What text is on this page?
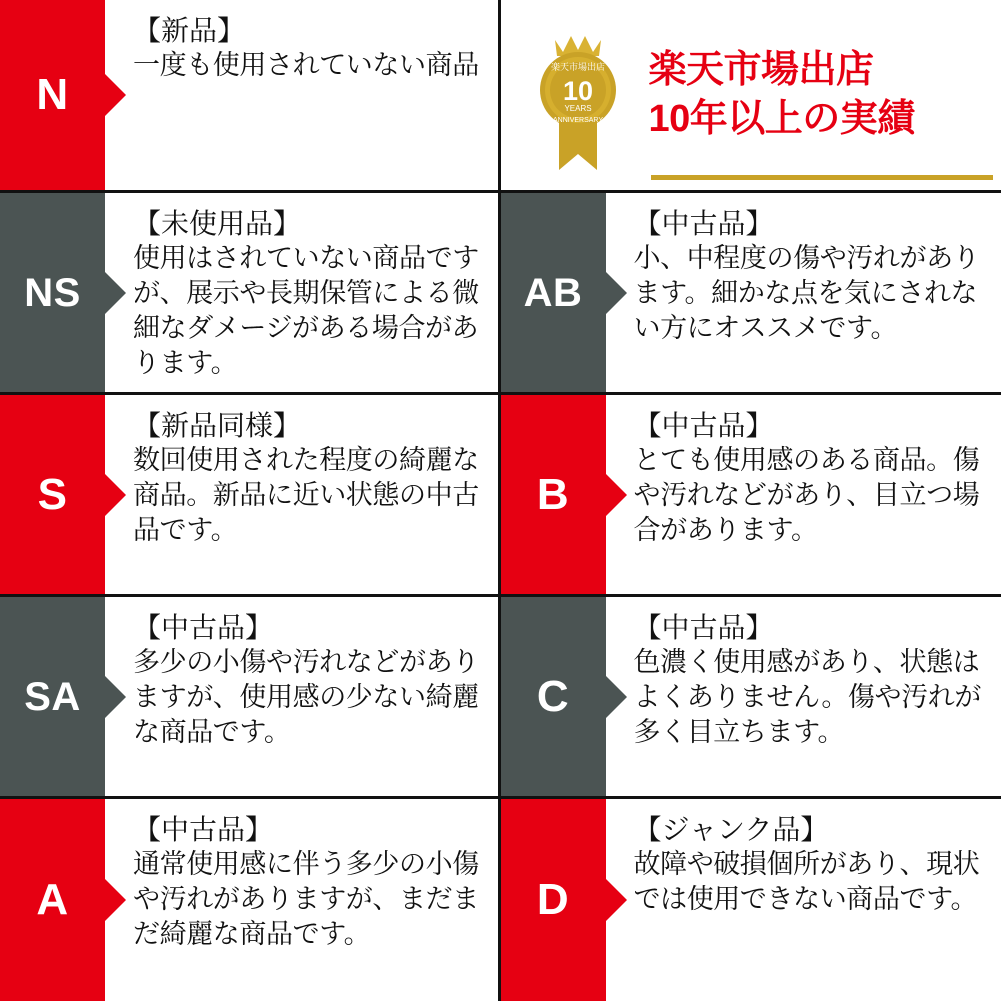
N
【新品】
一度も使用されていない商品	楽天市場出店
10
YEARS
ANNIVERSARY
楽天市場出店
10年以上の実績
NS
【未使用品】
使用はされていない商品ですが、展示や長期保管による微細なダメージがある場合があります。
AB
【中古品】
小、中程度の傷や汚れがあります。細かな点を気にされない方にオススメです。
S
【新品同様】
数回使用された程度の綺麗な商品。新品に近い状態の中古品です。
B
【中古品】
とても使用感のある商品。傷や汚れなどがあり、目立つ場合があります。
SA
【中古品】
多少の小傷や汚れなどがありますが、使用感の少ない綺麗な商品です。
C
【中古品】
色濃く使用感があり、状態はよくありません。傷や汚れが多く目立ちます。
A
【中古品】
通常使用感に伴う多少の小傷や汚れがありますが、まだまだ綺麗な商品です。
D
【ジャンク品】
故障や破損個所があり、現状では使用できない商品です。
